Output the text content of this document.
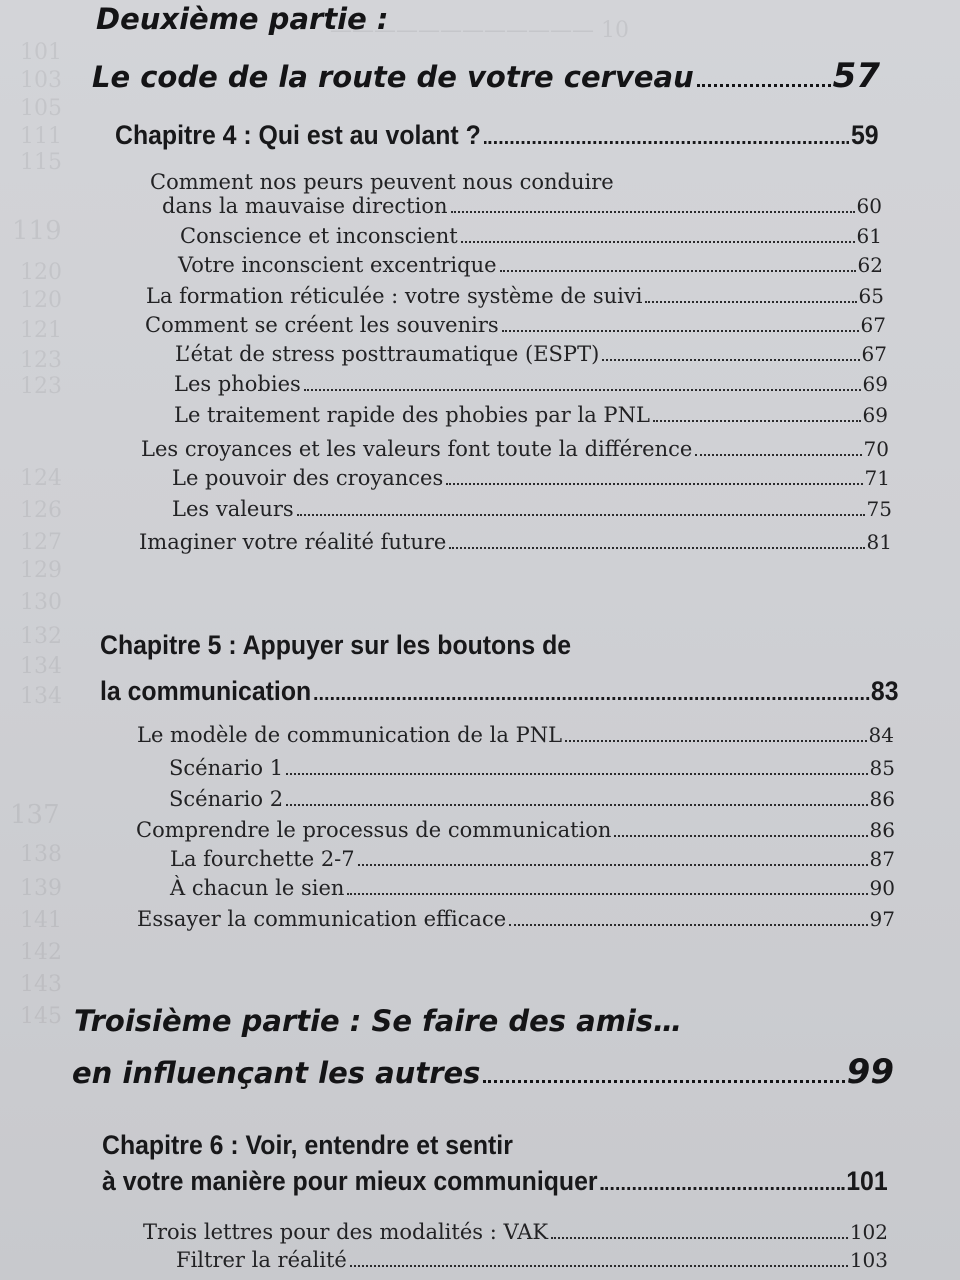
———————————— 10
101
103
105
111
115
119
120
120
121
123
123
124
126
127
129
130
132
134
134
137
138
139
141
142
143
145
Deuxième partie :
Le code de la route de votre cerveau	57
Chapitre 4 : Qui est au volant ?	59
Comment nos peurs peuvent nous conduire
dans la mauvaise direction	60
Conscience et inconscient	61
Votre inconscient excentrique	62
La formation réticulée : votre système de suivi	65
Comment se créent les souvenirs	67
L’état de stress posttraumatique (ESPT)	67
Les phobies	69
Le traitement rapide des phobies par la PNL	69
Les croyances et les valeurs font toute la différence	70
Le pouvoir des croyances	71
Les valeurs	75
Imaginer votre réalité future	81
Chapitre 5 : Appuyer sur les boutons de
la communication	83
Le modèle de communication de la PNL	84
Scénario 1	85
Scénario 2	86
Comprendre le processus de communication	86
La fourchette 2-7	87
À chacun le sien	90
Essayer la communication efficace	97
Troisième partie : Se faire des amis…
en influençant les autres	99
Chapitre 6 : Voir, entendre et sentir
à votre manière pour mieux communiquer	101
Trois lettres pour des modalités : VAK	102
Filtrer la réalité	103
